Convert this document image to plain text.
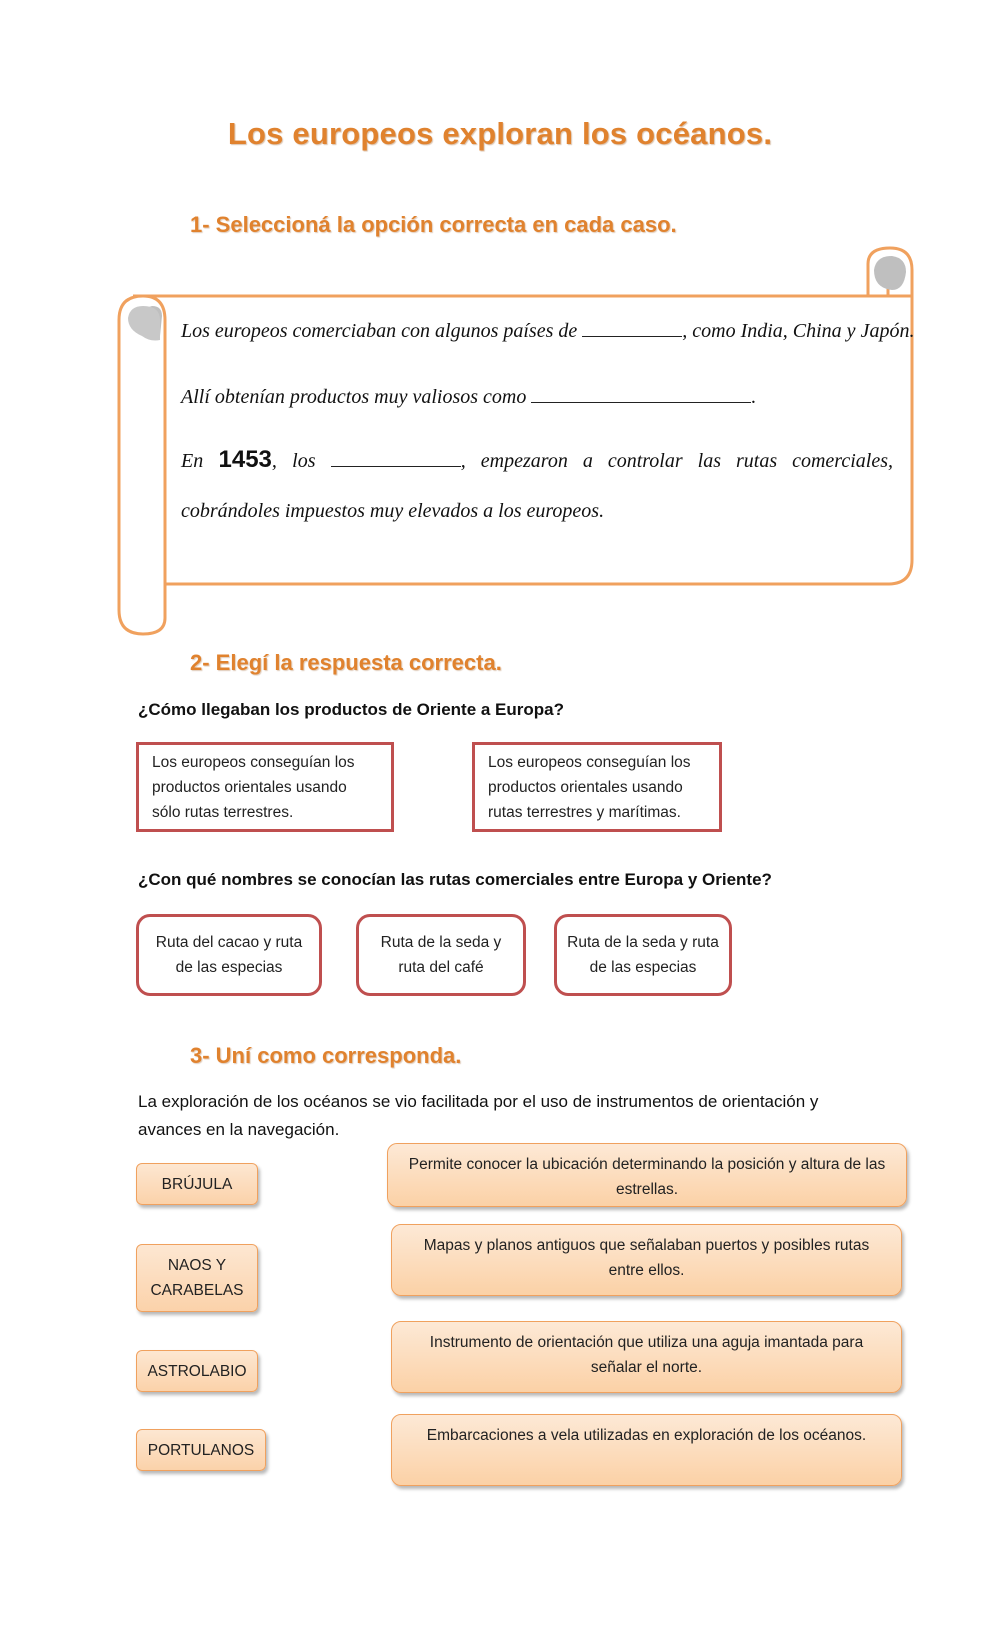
Los europeos exploran los océanos.
1- Seleccioná la opción correcta en cada caso.
Los europeos comerciaban con algunos países de	, como India, China y Japón.
Allí obtenían productos muy valiosos como	.
En 1453, los	, empezaron a controlar las rutas comerciales,
cobrándoles impuestos muy elevados a los europeos.
2- Elegí la respuesta correcta.
¿Cómo llegaban los productos de Oriente a Europa?
Los europeos conseguían los productos orientales usando sólo rutas terrestres.
Los europeos conseguían los productos orientales usando rutas terrestres y marítimas.
¿Con qué nombres se conocían las rutas comerciales entre Europa y Oriente?
Ruta del cacao y ruta de las especias
Ruta de la seda y ruta del café
Ruta de la seda y ruta de las especias
3- Uní como corresponda.
La exploración de los océanos se vio facilitada por el uso de instrumentos de orientación y avances en la navegación.
BRÚJULA
NAOS Y CARABELAS
ASTROLABIO
PORTULANOS
Permite conocer la ubicación determinando la posición y altura de las estrellas.
Mapas y planos antiguos que señalaban puertos y posibles rutas entre ellos.
Instrumento de orientación que utiliza una aguja imantada para señalar el norte.
Embarcaciones a vela utilizadas en exploración de los océanos.
